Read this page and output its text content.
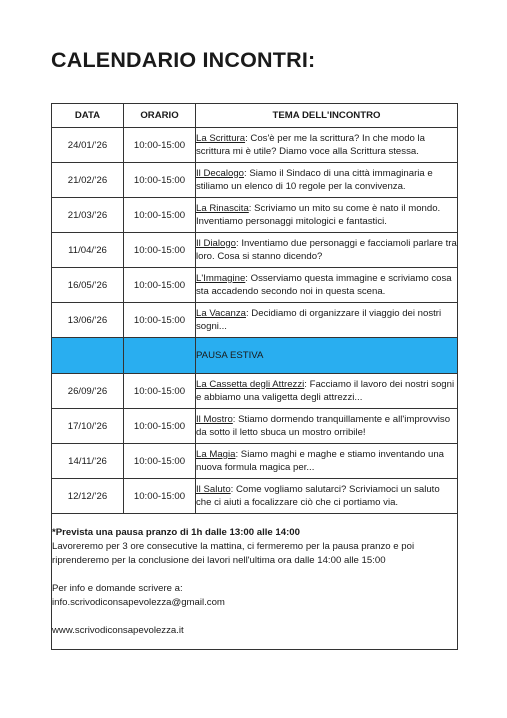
CALENDARIO INCONTRI:
DATA	ORARIO	TEMA DELL'INCONTRO
24/01/’26	10:00-15:00	La Scrittura: Cos'è per me la scrittura? In che modo la scrittura mi è utile? Diamo voce alla Scrittura stessa.
21/02/’26	10:00-15:00	Il Decalogo: Siamo il Sindaco di una città immaginaria e stiliamo un elenco di 10 regole per la convivenza.
21/03/’26	10:00-15:00	La Rinascita: Scriviamo un mito su come è nato il mondo. Inventiamo personaggi mitologici e fantastici.
11/04/’26	10:00-15:00	Il Dialogo: Inventiamo due personaggi e facciamoli parlare tra loro. Cosa si stanno dicendo?
16/05/’26	10:00-15:00	L'Immagine: Osserviamo questa immagine e scriviamo cosa sta accadendo secondo noi in questa scena.
13/06/’26	10:00-15:00	La Vacanza: Decidiamo di organizzare il viaggio dei nostri sogni...
		PAUSA ESTIVA
26/09/’26	10:00-15:00	La Cassetta degli Attrezzi: Facciamo il lavoro dei nostri sogni e abbiamo una valigetta degli attrezzi...
17/10/’26	10:00-15:00	Il Mostro: Stiamo dormendo tranquillamente e all'improvviso da sotto il letto sbuca un mostro orribile!
14/11/’26	10:00-15:00	La Magia: Siamo maghi e maghe e stiamo inventando una nuova formula magica per...
12/12/’26	10:00-15:00	Il Saluto: Come vogliamo salutarci? Scriviamoci un saluto che ci aiuti a focalizzare ciò che ci portiamo via.

*Prevista una pausa pranzo di 1h dalle 13:00 alle 14:00
Lavoreremo per 3 ore consecutive la mattina, ci fermeremo per la pausa pranzo e poi riprenderemo per la conclusione dei lavori nell'ultima ora dalle 14:00 alle 15:00
Per info e domande scrivere a:
info.scrivodiconsapevolezza@gmail.com
www.scrivodiconsapevolezza.it		
